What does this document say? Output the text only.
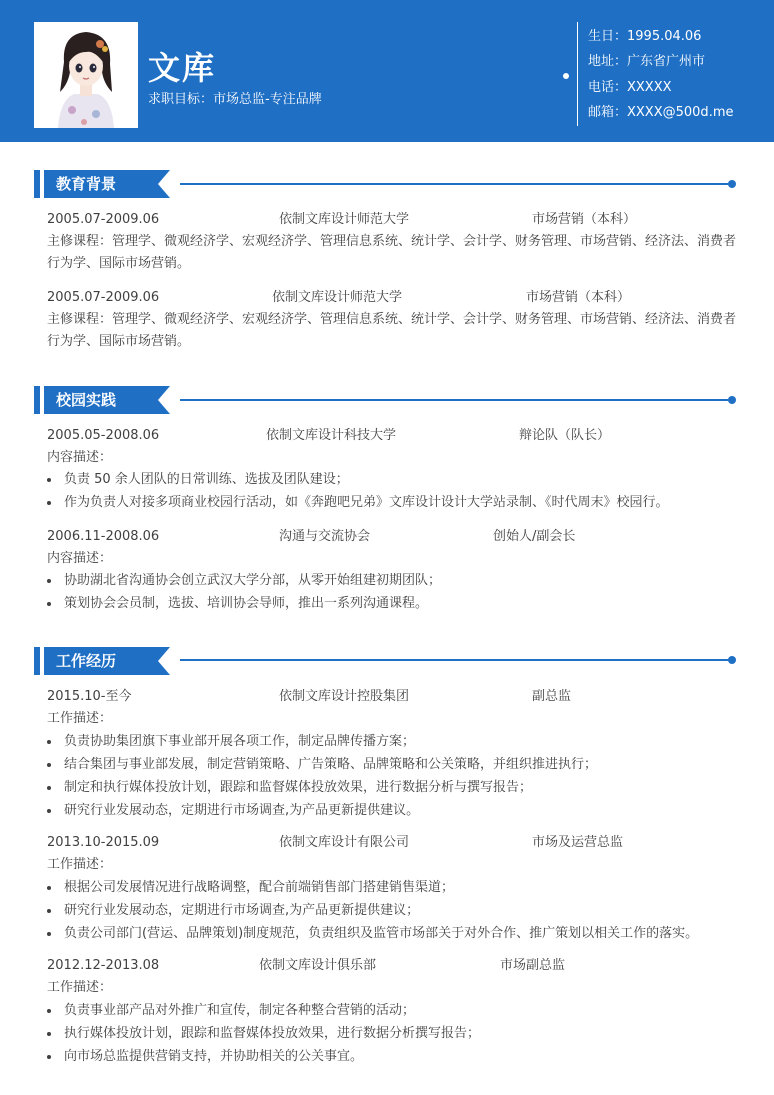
文库
求职目标：市场总监-专注品牌
生日：1995.04.06
地址：广东省广州市
电话：XXXXX
邮箱：XXXX@500d.me
教育背景
2005.07-2009.06	依制文库设计师范大学	市场营销（本科）
主修课程：管理学、微观经济学、宏观经济学、管理信息系统、统计学、会计学、财务管理、市场营销、经济法、消费者
行为学、国际市场营销。
2005.07-2009.06	依制文库设计师范大学	市场营销（本科）
主修课程：管理学、微观经济学、宏观经济学、管理信息系统、统计学、会计学、财务管理、市场营销、经济法、消费者
行为学、国际市场营销。
校园实践
2005.05-2008.06	依制文库设计科技大学	辩论队（队长）
内容描述：
负责 50 余人团队的日常训练、选拔及团队建设；
作为负责人对接多项商业校园行活动，如《奔跑吧兄弟》文库设计设计大学站录制、《时代周末》校园行。
2006.11-2008.06	沟通与交流协会	创始人/副会长
内容描述：
协助湖北省沟通协会创立武汉大学分部，从零开始组建初期团队；
策划协会会员制，选拔、培训协会导师，推出一系列沟通课程。
工作经历
2015.10-至今	依制文库设计控股集团	副总监
工作描述：
负责协助集团旗下事业部开展各项工作，制定品牌传播方案；
结合集团与事业部发展，制定营销策略、广告策略、品牌策略和公关策略，并组织推进执行；
制定和执行媒体投放计划，跟踪和监督媒体投放效果，进行数据分析与撰写报告；
研究行业发展动态，定期进行市场调查,为产品更新提供建议。
2013.10-2015.09	依制文库设计有限公司	市场及运营总监
工作描述：
根据公司发展情况进行战略调整，配合前端销售部门搭建销售渠道；
研究行业发展动态，定期进行市场调查,为产品更新提供建议；
负责公司部门(营运、品牌策划)制度规范，负责组织及监管市场部关于对外合作、推广策划以相关工作的落实。
2012.12-2013.08	依制文库设计俱乐部	市场副总监
工作描述：
负责事业部产品对外推广和宣传，制定各种整合营销的活动；
执行媒体投放计划，跟踪和监督媒体投放效果，进行数据分析撰写报告；
向市场总监提供营销支持，并协助相关的公关事宜。
